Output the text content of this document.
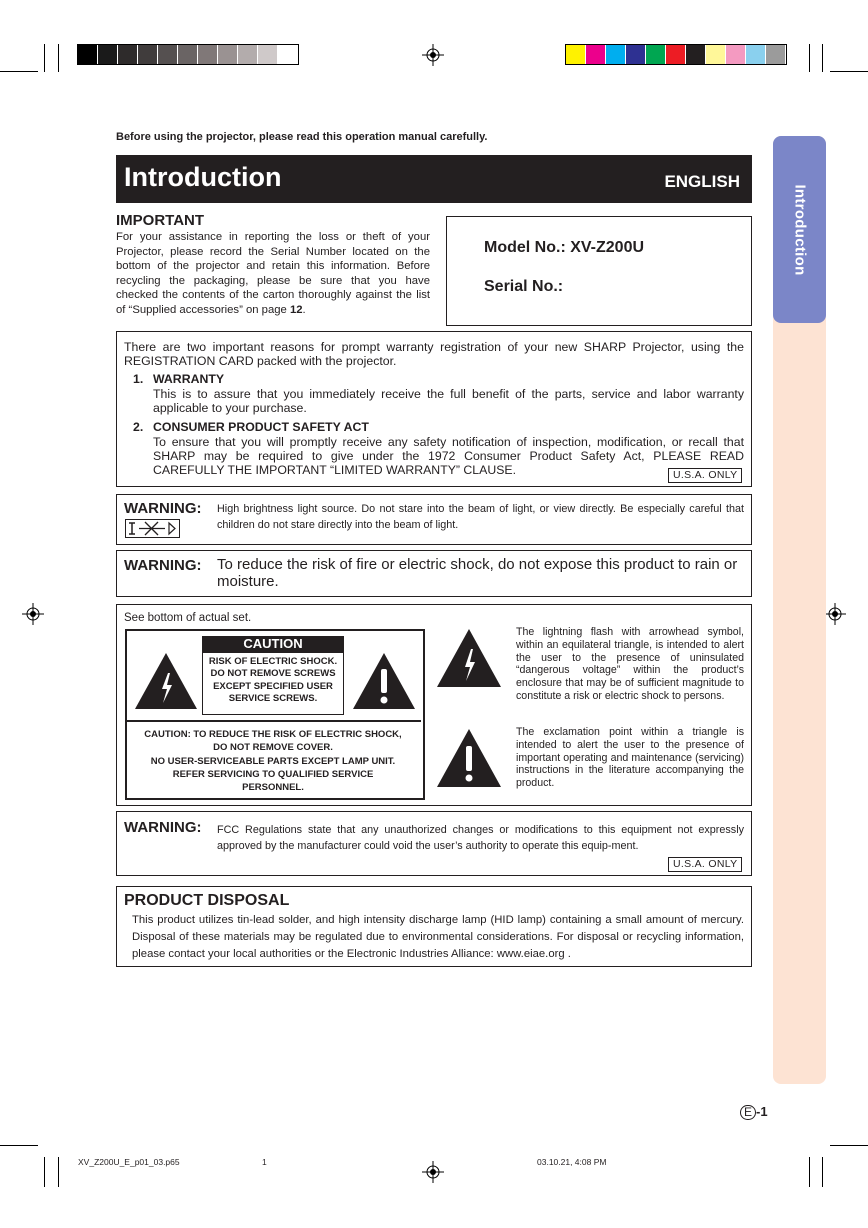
Introduction
Before using the projector, please read this operation manual carefully.
Introduction	ENGLISH
IMPORTANT
For your assistance in reporting the loss or theft of your Projector, please record the Serial Number located on the bottom of the projector and retain this information. Before recycling the packaging, please be sure that you have checked the contents of the carton thoroughly against the list of “Supplied accessories” on page 12.
Model No.: XV-Z200U
Serial No.:

There are two important reasons for prompt warranty registration of your new SHARP Projector, using the REGISTRATION CARD packed with the projector.

1. WARRANTY

This is to assure that you immediately receive the full benefit of the parts, service and labor warranty applicable to your purchase.

2. CONSUMER PRODUCT SAFETY ACT

To ensure that you will promptly receive any safety notification of inspection, modification, or recall that SHARP may be required to give under the 1972 Consumer Product Safety Act, PLEASE READ CAREFULLY THE IMPORTANT “LIMITED WARRANTY” CLAUSE.	U.S.A. ONLY
WARNING: High brightness light source. Do not stare into the beam of light, or view directly. Be especially careful that children do not stare directly into the beam of light.

WARNING: To reduce the risk of fire or electric shock, do not expose this product to rain or moisture.

See bottom of actual set.
CAUTION
RISK OF ELECTRIC SHOCK.
DO NOT REMOVE SCREWS
EXCEPT SPECIFIED USER
SERVICE SCREWS.
CAUTION: TO REDUCE THE RISK OF ELECTRIC SHOCK,
DO NOT REMOVE COVER.
NO USER-SERVICEABLE PARTS EXCEPT LAMP UNIT.
REFER SERVICING TO QUALIFIED SERVICE
PERSONNEL.

The lightning flash with arrowhead symbol, within an equilateral triangle, is intended to alert the user to the presence of uninsulated “dangerous voltage” within the product’s enclosure that may be of sufficient magnitude to constitute a risk or electric shock to persons.

The exclamation point within a triangle is intended to alert the user to the presence of important operating and maintenance (servicing) instructions in the literature accompanying the product.

WARNING: FCC Regulations state that any unauthorized changes or modifications to this equipment not expressly approved by the manufacturer could void the user’s authority to operate this equip-ment.

U.S.A. ONLY
PRODUCT DISPOSAL

This product utilizes tin-lead solder, and high intensity discharge lamp (HID lamp) containing a small amount of mercury. Disposal of these materials may be regulated due to environmental considerations. For disposal or recycling information, please contact your local authorities or the Electronic Industries Alliance: www.eiae.org .

E -1
XV_Z200U_E_p01_03.p65	1	03.10.21, 4:08 PM
